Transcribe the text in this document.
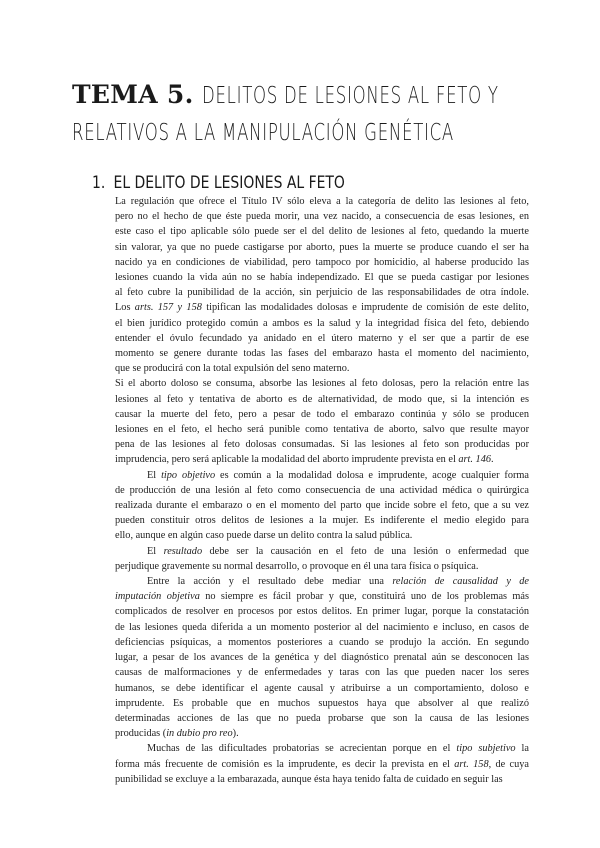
TEMA 5. DELITOS DE LESIONES AL FETO Y
RELATIVOS A LA MANIPULACIÓN GENÉTICA
1. EL DELITO DE LESIONES AL FETO
La regulación que ofrece el Título IV sólo eleva a la categoría de delito las lesiones al feto,
pero no el hecho de que éste pueda morir, una vez nacido, a consecuencia de esas lesiones, en
este caso el tipo aplicable sólo puede ser el del delito de lesiones al feto, quedando la muerte
sin valorar, ya que no puede castigarse por aborto, pues la muerte se produce cuando el ser ha
nacido ya en condiciones de viabilidad, pero tampoco por homicidio, al haberse producido las
lesiones cuando la vida aún no se había independizado. El que se pueda castigar por lesiones
al feto cubre la punibilidad de la acción, sin perjuicio de las responsabilidades de otra índole.
Los arts. 157 y 158 tipifican las modalidades dolosas e imprudente de comisión de este delito,
el bien jurídico protegido común a ambos es la salud y la integridad física del feto, debiendo
entender el óvulo fecundado ya anidado en el útero materno y el ser que a partir de ese
momento se genere durante todas las fases del embarazo hasta el momento del nacimiento,
que se producirá con la total expulsión del seno materno.
Si el aborto doloso se consuma, absorbe las lesiones al feto dolosas, pero la relación entre las
lesiones al feto y tentativa de aborto es de alternatividad, de modo que, si la intención es
causar la muerte del feto, pero a pesar de todo el embarazo continúa y sólo se producen
lesiones en el feto, el hecho será punible como tentativa de aborto, salvo que resulte mayor
pena de las lesiones al feto dolosas consumadas. Si las lesiones al feto son producidas por
imprudencia, pero será aplicable la modalidad del aborto imprudente prevista en el art. 146.
El tipo objetivo es común a la modalidad dolosa e imprudente, acoge cualquier forma
de producción de una lesión al feto como consecuencia de una actividad médica o quirúrgica
realizada durante el embarazo o en el momento del parto que incide sobre el feto, que a su vez
pueden constituir otros delitos de lesiones a la mujer. Es indiferente el medio elegido para
ello, aunque en algún caso puede darse un delito contra la salud pública.
El resultado debe ser la causación en el feto de una lesión o enfermedad que
perjudique gravemente su normal desarrollo, o provoque en él una tara física o psíquica.
Entre la acción y el resultado debe mediar una relación de causalidad y de
imputación objetiva no siempre es fácil probar y que, constituirá uno de los problemas más
complicados de resolver en procesos por estos delitos. En primer lugar, porque la constatación
de las lesiones queda diferida a un momento posterior al del nacimiento e incluso, en casos de
deficiencias psíquicas, a momentos posteriores a cuando se produjo la acción. En segundo
lugar, a pesar de los avances de la genética y del diagnóstico prenatal aún se desconocen las
causas de malformaciones y de enfermedades y taras con las que pueden nacer los seres
humanos, se debe identificar el agente causal y atribuirse a un comportamiento, doloso e
imprudente. Es probable que en muchos supuestos haya que absolver al que realizó
determinadas acciones de las que no pueda probarse que son la causa de las lesiones
producidas (in dubio pro reo).
Muchas de las dificultades probatorias se acrecientan porque en el tipo subjetivo la
forma más frecuente de comisión es la imprudente, es decir la prevista en el art. 158, de cuya
punibilidad se excluye a la embarazada, aunque ésta haya tenido falta de cuidado en seguir las
